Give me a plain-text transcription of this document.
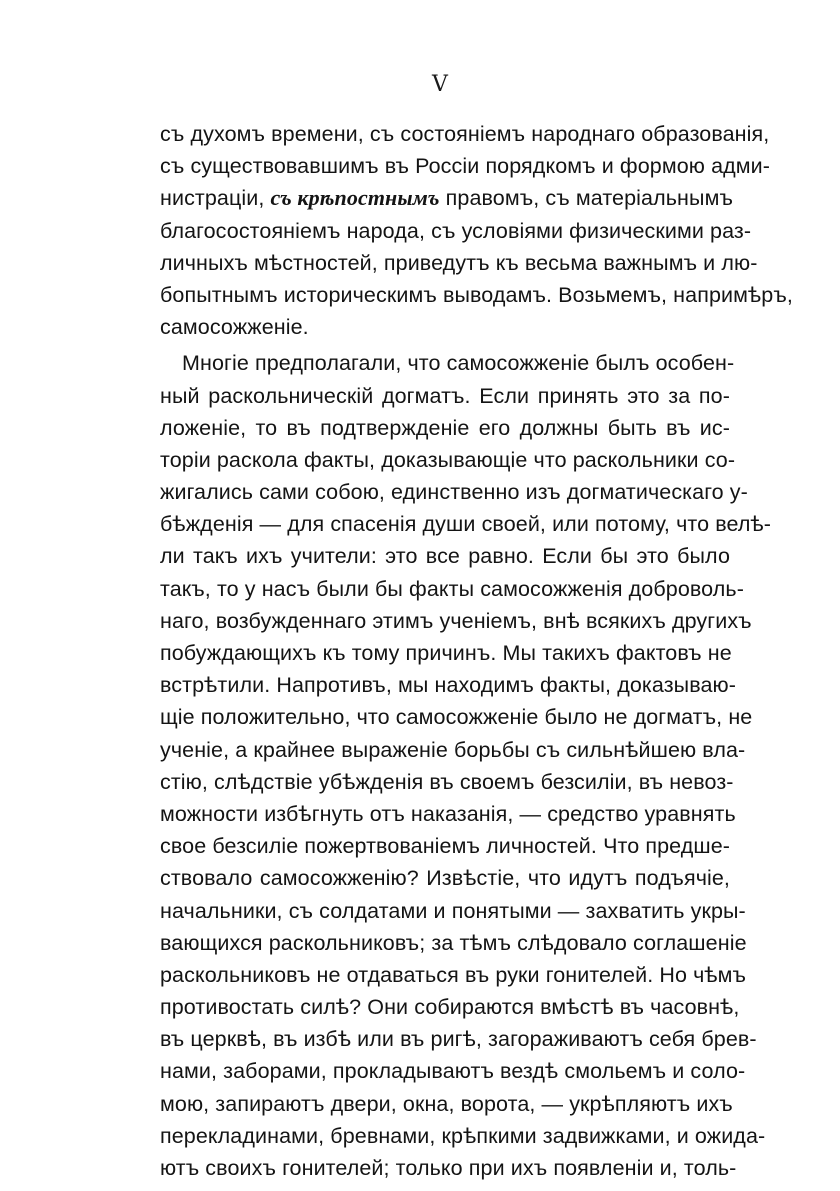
V
съ духомъ времени, съ состояніемъ народнаго образованія,
съ существовавшимъ въ Россіи порядкомъ и формою адми-
нистраціи, съ крѣпостнымъ правомъ, съ матеріальнымъ
благосостояніемъ народа, съ условіями физическими раз-
личныхъ мѣстностей, приведутъ къ весьма важнымъ и лю-
бопытнымъ историческимъ выводамъ. Возьмемъ, напримѣръ,
самосожженіе.
Многіе предполагали, что самосожженіе былъ особен-
ный раскольническій догматъ. Если принять это за по-
ложеніе, то въ подтвержденіе его должны быть въ ис-
торіи раскола факты, доказывающіе что раскольники со-
жигались сами собою, единственно изъ догматическаго у-
бѣжденія — для спасенія души своей, или потому, что велѣ-
ли такъ ихъ учители: это все равно. Если бы это было
такъ, то у насъ были бы факты самосожженія доброволь-
наго, возбужденнаго этимъ ученіемъ, внѣ всякихъ другихъ
побуждающихъ къ тому причинъ. Мы такихъ фактовъ не
встрѣтили. Напротивъ, мы находимъ факты, доказываю-
щіе положительно, что самосожженіе было не догматъ, не
ученіе, а крайнее выраженіе борьбы съ сильнѣйшею вла-
стію, слѣдствіе убѣжденія въ своемъ безсиліи, въ невоз-
можности избѣгнуть отъ наказанія, — средство уравнять
свое безсиліе пожертвованіемъ личностей. Что предше-
ствовало самосожженію? Извѣстіе, что идутъ подъячіе,
начальники, съ солдатами и понятыми — захватить укры-
вающихся раскольниковъ; за тѣмъ слѣдовало соглашеніе
раскольниковъ не отдаваться въ руки гонителей. Но чѣмъ
противостать силѣ? Они собираются вмѣстѣ въ часовнѣ,
въ церквѣ, въ избѣ или въ ригѣ, загораживаютъ себя брев-
нами, заборами, прокладываютъ вездѣ смольемъ и соло-
мою, запираютъ двери, окна, ворота, — укрѣпляютъ ихъ
перекладинами, бревнами, крѣпкими задвижками, и ожида-
ютъ своихъ гонителей; только при ихъ появленіи и, толь-
